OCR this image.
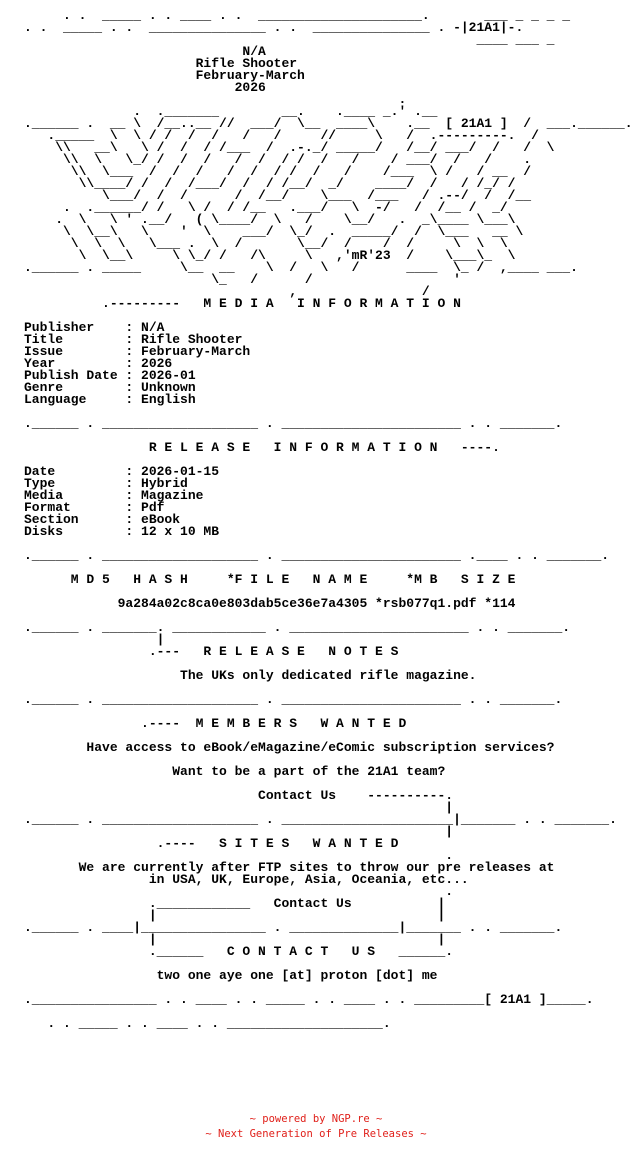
. .  _____ . . ____ . .  _____________________.       ___ _ _ _ _
. .  _____ . .  _______________ . .  _______________ . -|21A1|-.
____ ___ _
N/A
Rifle Shooter
February-March
2026
.
.  ._______        __.    .____ _.' .__
.______ .  __ \  /__..__ //  ___/  \__  ____\    .__  [ 21A1 ]  /  ___.______.
._____  \  \ / /  /  /   /   /     //     \   /  .---------.  /
\\   __\   \ /  /  / /___  /  .-._/ _____/   /__/ ___/  /   /  \
\\  \   \_/ /  /  /   /  /  / /  /   /    / ___/  /   /    .
\\  \___  /  /  /   /  /  / /  /   /    /___  \ /   / __  /
\\____/ /  /  /___/  /  / /__/  _/    ____/  /   / /_/ /
\___/  /  /      /  /__/    \___  /___   / .--/  /  /__
.  .______/ /   \ /  / /__   .___/   \  -/   /  /__ /  _/
.  \   \ ' .__/   ( \____/  \   /    \__/   .  _\____ \___\
\  \__\   \    '  \    ___/  \_/  .  _____/  /  \___   __ \
\  \  \   \___ .  \  /       \__/  /    /  /     \  \  \
\  \__\     \ \_/ /   /\     \   ,'mR'23  /    \___\_  \
.______ . _____     \__  __    \  /   \   /      ____  \_ /  ,____ ___.
\_   /      /                  '
,                /
.---------   M E D I A   I N F O R M A T I O N

Publisher    : N/A
Title        : Rifle Shooter
Issue        : February-March
Year         : 2026
Publish Date : 2026-01
Genre        : Unknown
Language     : English

.______ . ____________________ . _______________________ . . _______.

R E L E A S E   I N F O R M A T I O N   ----.

Date         : 2026-01-15
Type         : Hybrid
Media        : Magazine
Format       : Pdf
Section      : eBook
Disks        : 12 x 10 MB

.______ . ____________________ . _______________________ .____ . . _______.

M D 5   H A S H     *F I L E   N A M E     *M B   S I Z E

9a284a02c8ca0e803dab5ce36e7a4305 *rsb077q1.pdf *114

.______ . _______. ____________ . _______________________ . . _______.
|
.---   R E L E A S E   N O T E S

The UKs only dedicated rifle magazine.

.______ . ____________________ . _______________________ . . _______.

.----  M E M B E R S   W A N T E D

Have access to eBook/eMagazine/eComic subscription services?

Want to be a part of the 21A1 team?

Contact Us    ----------.
|
.______ . ____________________ . ______________________|_______ . . _______.
|
.----   S I T E S   W A N T E D
.
We are currently after FTP sites to throw our pre releases at
in USA, UK, Europe, Asia, Oceania, etc...
.
.____________   Contact Us           |
|                                    |
.______ . ____|________________ . ______________|_______ . . _______.
|                                    |
.______   C O N T A C T   U S   ______.

two one aye one [at] proton [dot] me

.________________ . . ____ . . _____ . . ____ . . _________[ 21A1 ]_____.

. . _____ . . ____ . . ____________________.
~ powered by NGP.re ~
~ Next Generation of Pre Releases ~
